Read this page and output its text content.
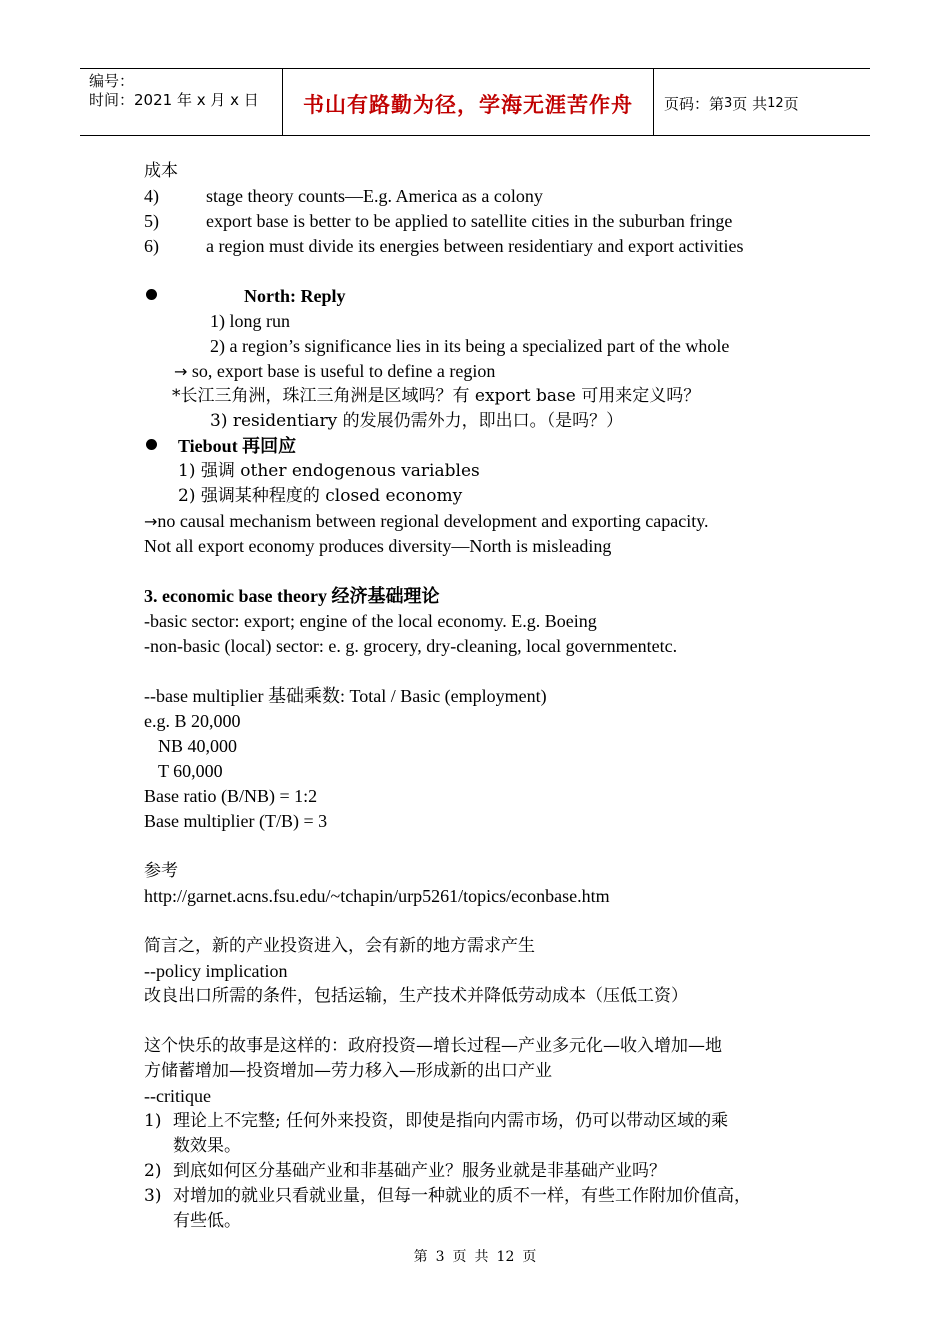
编号：
时间：2021 年 x 月 x 日	书山有路勤为径，学海无涯苦作舟 页码：第 3 页 共 12 页
成本
4)	stage theory counts—E.g. America as a colony
5)	export base is better to be applied to satellite cities in the suburban fringe
6)	a region must divide its energies between residentiary and export activities
North: Reply
1) long run
2) a region’s significance lies in its being a specialized part of the whole
→ so, export base is useful to define a region
*长江三角洲，珠江三角洲是区域吗？有 export base 可用来定义吗？
3) residentiary 的发展仍需外力，即出口。（是吗？）
Tiebout 再回应
1) 强调 other endogenous variables
2) 强调某种程度的 closed economy
→no causal mechanism between regional development and exporting capacity.
Not all export economy produces diversity—North is misleading
3. economic base theory 经济基础理论
-basic sector: export; engine of the local economy. E.g. Boeing
-non-basic (local) sector: e. g. grocery, dry-cleaning, local governmentetc.
--base multiplier 基础乘数: Total / Basic (employment)
e.g. B 20,000
NB 40,000
T 60,000
Base ratio (B/NB) = 1:2
Base multiplier (T/B) = 3
参考
http://garnet.acns.fsu.edu/~tchapin/urp5261/topics/econbase.htm
简言之，新的产业投资进入，会有新的地方需求产生
--policy implication
改良出口所需的条件，包括运输，生产技术并降低劳动成本（压低工资）
这个快乐的故事是这样的：政府投资—增长过程—产业多元化—收入增加—地
方储蓄增加—投资增加—劳力移入—形成新的出口产业
--critique
1) 理论上不完整; 任何外来投资，即使是指向内需市场，仍可以带动区域的乘
数效果。
2) 到底如何区分基础产业和非基础产业？服务业就是非基础产业吗？
3) 对增加的就业只看就业量，但每一种就业的质不一样，有些工作附加价值高，
有些低。
第 3 页 共 12 页
